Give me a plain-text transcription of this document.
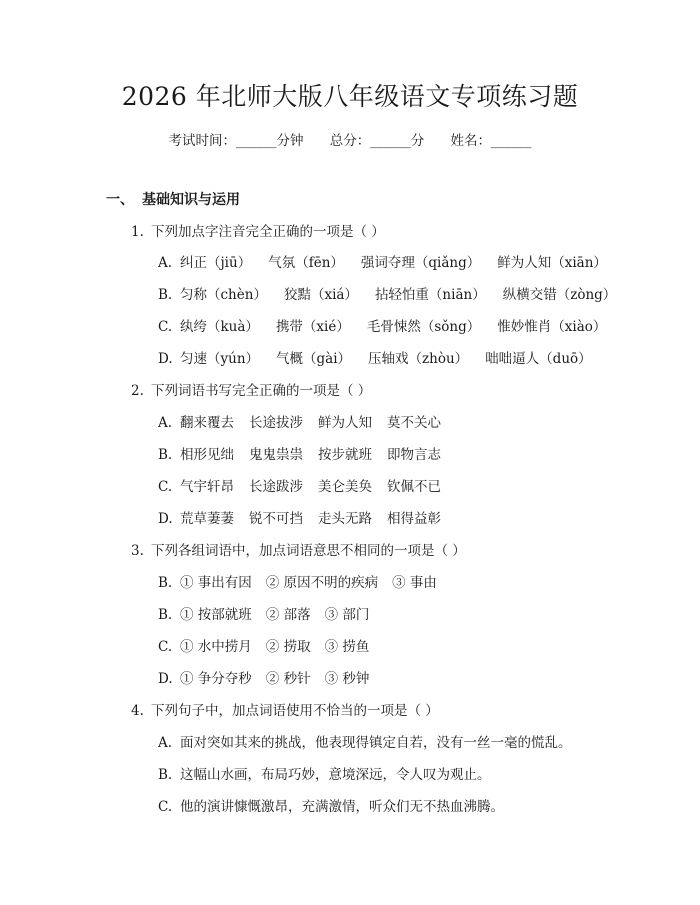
2026 年北师大版八年级语文专项练习题
考试时间：______分钟 总分：______分 姓名：______
一、 基础知识与运用
1. 下列加点字注音完全正确的一项是（ ）
A. 纠正（jiū） 气氛（fēn） 强词夺理（qiǎng） 鲜为人知（xiān）
B. 匀称（chèn） 狡黠（xiá） 拈轻怕重（niān） 纵横交错（zòng）
C. 纨绔（kuà） 携带（xié） 毛骨悚然（sǒng） 惟妙惟肖（xiào）
D. 匀速（yún） 气概（gài） 压轴戏（zhòu） 咄咄逼人（duō）
2. 下列词语书写完全正确的一项是（ ）
A. 翻来覆去 长途拔涉 鲜为人知 莫不关心
B. 相形见绌 鬼鬼祟祟 按步就班 即物言志
C. 气宇轩昂 长途跋涉 美仑美奂 钦佩不已
D. 荒草萋萋 锐不可挡 走头无路 相得益彰
3. 下列各组词语中，加点词语意思不相同的一项是（ ）
B. ① 事出有因 ② 原因不明的疾病 ③ 事由
B. ① 按部就班 ② 部落 ③ 部门
C. ① 水中捞月 ② 捞取 ③ 捞鱼
D. ① 争分夺秒 ② 秒针 ③ 秒钟
4. 下列句子中，加点词语使用不恰当的一项是（ ）
A. 面对突如其来的挑战，他表现得镇定自若，没有一丝一毫的慌乱。
B. 这幅山水画，布局巧妙，意境深远，令人叹为观止。
C. 他的演讲慷慨激昂，充满激情，听众们无不热血沸腾。
